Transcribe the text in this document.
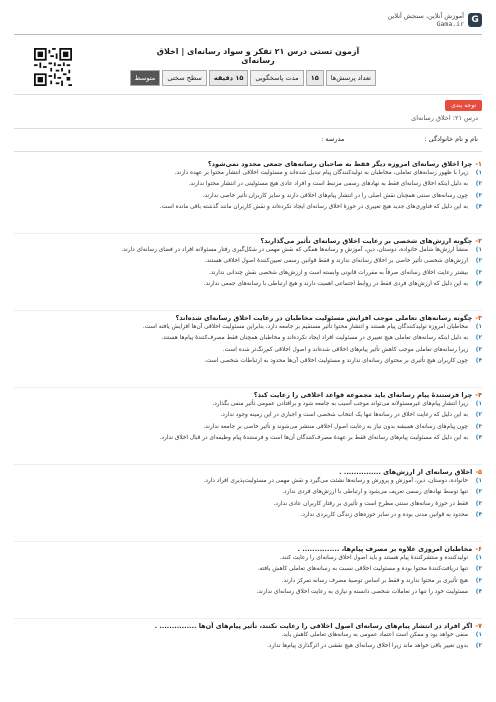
G
آموزش آنلاین، سنجش آنلاین
Gama.ir
آزمون تستی درس ۲۱ تفکر و سواد رسانه‌ای | اخلاق رسانه‌ای
تعداد پرسش‌ها
۱۵
مدت پاسخگویی
۱۵ دقیقه
سطح سختی
متوسط
توجه بندی
درس ۲۱: اخلاق رسانه‌ای
نام و نام خانوادگی :
مدرسه :
۱-
چرا اخلاق رسانه‌ای امروزه دیگر فقط به صاحبان رسانه‌های جمعی محدود نمی‌شود؟
۱)
زیرا با ظهور رسانه‌های تعاملی، مخاطبان به تولیدکنندگان پیام تبدیل شده‌اند و مسئولیت اخلاقی انتشار محتوا بر عهده دارند.
۲)
به دلیل اینکه اخلاق رسانه‌ای فقط به نهادهای رسمی مرتبط است و افراد عادی هیچ مسئولیتی در انتشار محتوا ندارند.
۳)
چون رسانه‌های سنتی همچنان نقش اصلی را در انتشار پیام‌های اخلاقی دارند و سایر کاربران تأثیر خاصی ندارند.
۴)
به این دلیل که فناوری‌های جدید هیچ تغییری در حوزهٔ اخلاق رسانه‌ای ایجاد نکرده‌اند و نقش کاربران مانند گذشته باقی مانده است.
۲-
چگونه ارزش‌های شخصی بر رعایت اخلاق رسانه‌ای تأثیر می‌گذارند؟
۱)
منشأ ارزش‌ها شامل خانواده، دوستان، دین، آموزش و رسانه‌ها همگی که نقش مهمی در شکل‌گیری رفتار مسئولانه افراد در فضای رسانه‌ای دارند.
۲)
ارزش‌های شخصی تأثیر خاصی بر اخلاق رسانه‌ای ندارند و فقط قوانین رسمی تعیین‌کنندهٔ اصول اخلاقی هستند.
۳)
بیشتر رعایت اخلاق رسانه‌ای صرفاً به مقررات قانونی وابسته است و ارزش‌های شخصی نقش چندانی ندارند.
۴)
به این دلیل که ارزش‌های فردی فقط در روابط اجتماعی اهمیت دارند و هیچ ارتباطی با رسانه‌های جمعی ندارند.
۳-
چگونه رسانه‌های تعاملی موجب افزایش مسئولیت مخاطبان در رعایت اخلاق رسانه‌ای شده‌اند؟
۱)
مخاطبان امروزه تولیدکنندگان پیام هستند و انتشار محتوا تأثیر مستقیم بر جامعه دارد، بنابراین مسئولیت اخلاقی آن‌ها افزایش یافته است.
۲)
به دلیل اینکه رسانه‌های تعاملی هیچ تغییری در مسئولیت افراد ایجاد نکرده‌اند و مخاطبان همچنان فقط مصرف‌کنندهٔ پیام‌ها هستند.
۳)
زیرا رسانه‌های تعاملی موجب کاهش تأثیر پیام‌های اخلاقی شده‌اند و اصول اخلاقی کم‌رنگ‌تر شده است.
۴)
چون کاربران هیچ تأثیری بر محتوای رسانه‌ای ندارند و مسئولیت اخلاقی آن‌ها محدود به ارتباطات شخصی است.
۴-
چرا فرستندهٔ پیام رسانه‌ای باید مجموعه قواعد اخلاقی را رعایت کند؟
۱)
زیرا انتشار پیام‌های غیرمسئولانه می‌تواند موجب آسیب به جامعه شود و برافتادن عمومی تأثیر منفی بگذارد.
۲)
به این دلیل که رعایت اخلاق در رسانه‌ها تنها یک انتخاب شخصی است و اجباری در این زمینه وجود ندارد.
۳)
چون پیام‌های رسانه‌ای همیشه بدون نیاز به رعایت اصول اخلاقی منتشر می‌شوند و تأثیر خاصی بر جامعه ندارند.
۴)
به این دلیل که مسئولیت پیام‌های رسانه‌ای فقط بر عهدهٔ مصرف‌کنندگان آن‌ها است و فرستندهٔ پیام وظیفه‌ای در قبال اخلاق ندارد.
۵-
اخلاق رسانه‌ای از ارزش‌های ............... .
۱)
خانواده، دوستان، دین، آموزش و پرورش و رسانه‌ها نشئت می‌گیرد و نقش مهمی در مسئولیت‌پذیری افراد دارد.
۲)
تنها توسط نهادهای رسمی تعریف می‌شود و ارتباطی با ارزش‌های فردی ندارد.
۳)
فقط در حوزهٔ رسانه‌های سنتی مطرح است و تأثیری بر رفتار کاربران عادی ندارد.
۴)
محدود به قوانین مدنی بوده و در سایر حوزه‌های زندگی کاربردی ندارد.
۶-
مخاطبان امروزی علاوه بر مصرف پیام‌ها، ............... .
۱)
تولیدکننده و منتشرکنندهٔ پیام هستند و باید اصول اخلاق رسانه‌ای را رعایت کنند.
۲)
تنها دریافت‌کنندهٔ محتوا بوده و مسئولیت اخلاقی نسبت به رسانه‌های تعاملی کاهش یافته.
۳)
هیچ تأثیری بر محتوا ندارند و فقط بر اساس توصیهٔ مصرف رسانه تمرکز دارند.
۴)
مسئولیت خود را تنها در تعاملات شخصی دانسته و نیازی به رعایت اخلاق رسانه‌ای ندارند.
۷-
اگر افراد در انتشار پیام‌های رسانه‌ای اصول اخلاقی را رعایت نکنند، تأثیر پیام‌های آن‌ها ............... .
۱)
منفی خواهد بود و ممکن است اعتماد عمومی به رسانه‌های تعاملی کاهش یابد.
۲)
بدون تغییر باقی خواهد ماند زیرا اخلاق رسانه‌ای هیچ نقشی در اثرگذاری پیام‌ها ندارد.
